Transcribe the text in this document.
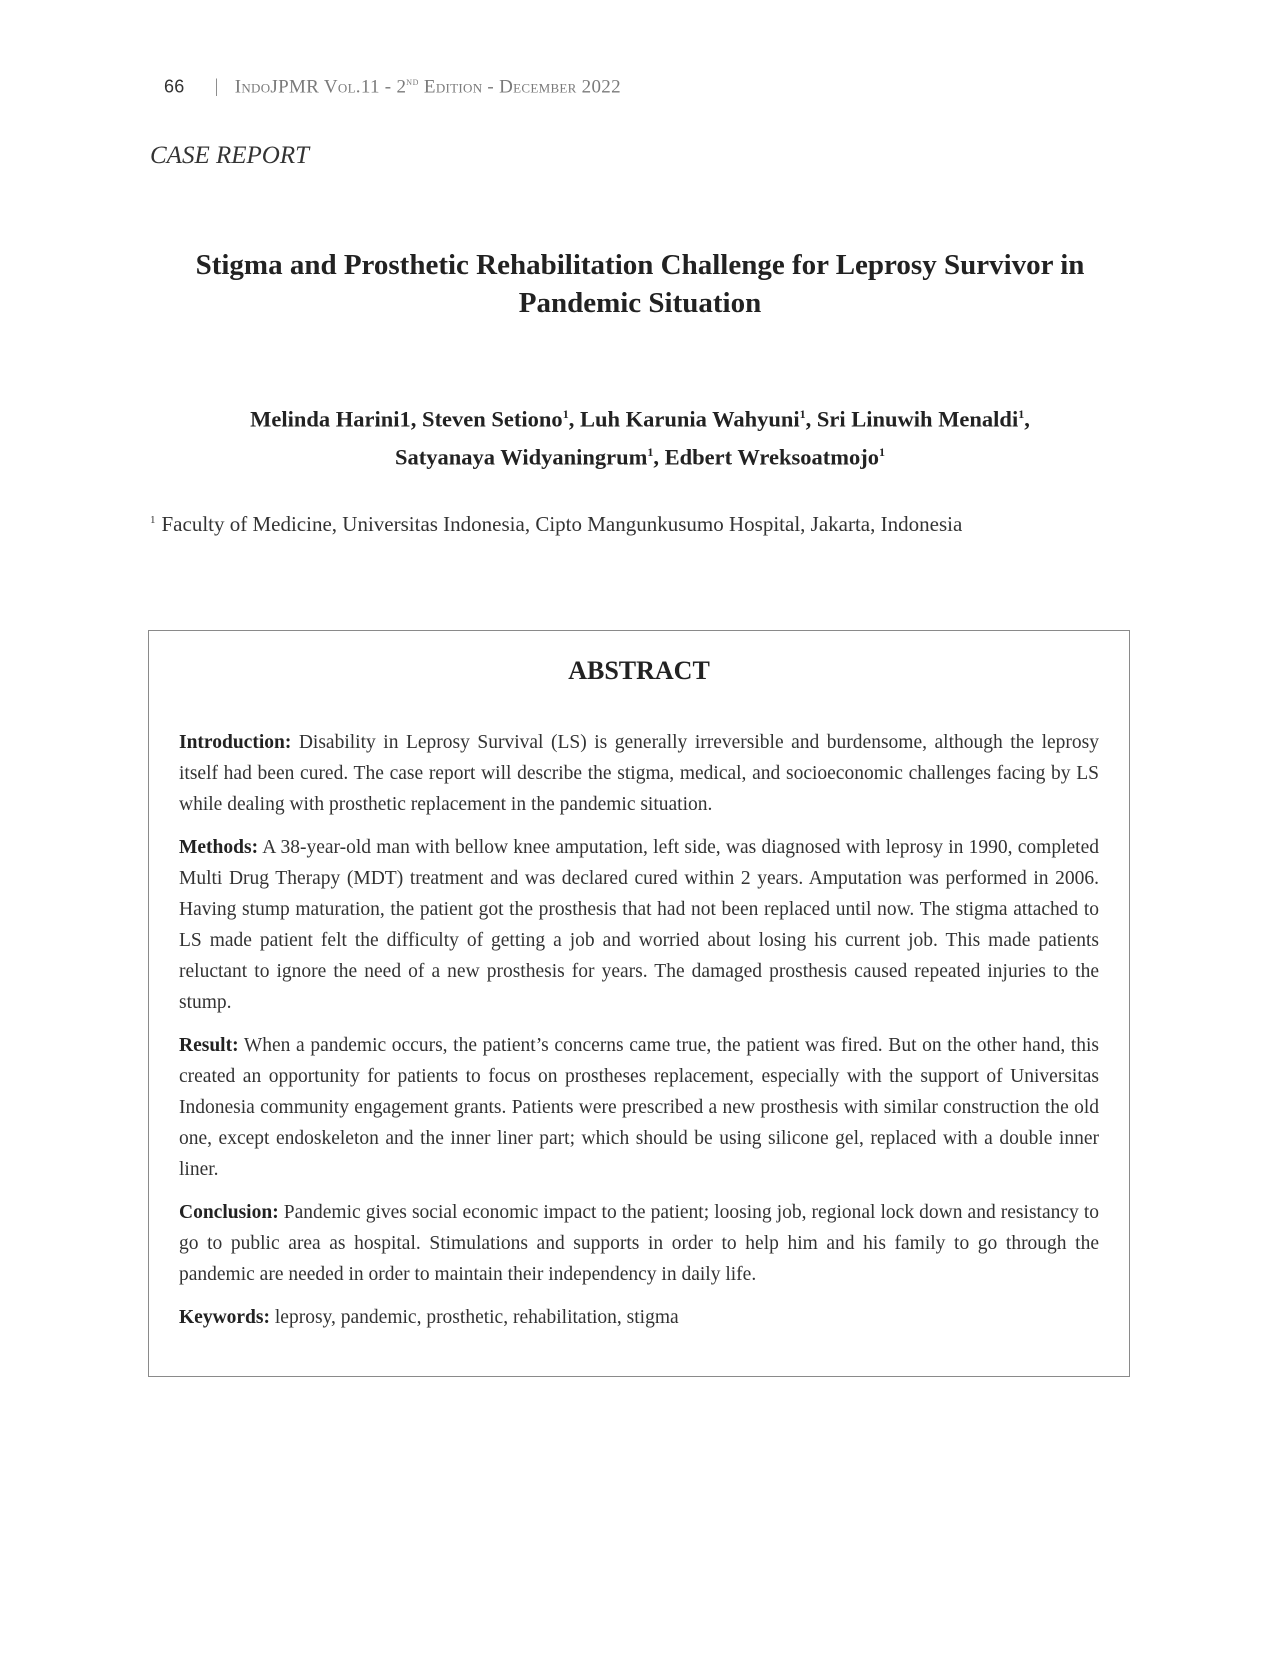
66 | IndoJPMR Vol.11 - 2nd Edition - December 2022
CASE REPORT
Stigma and Prosthetic Rehabilitation Challenge for Leprosy Survivor in
Pandemic Situation
Melinda Harini1, Steven Setiono$^1$, Luh Karunia Wahyuni$^1$, Sri Linuwih Menaldi$^1$,
Satyanaya Widyaningrum$^1$, Edbert Wreksoatmojo$^1$
$^1$ Faculty of Medicine, Universitas Indonesia, Cipto Mangunkusumo Hospital, Jakarta, Indonesia
ABSTRACT

Introduction: Disability in Leprosy Survival (LS) is generally irreversible and burdensome, although the leprosy itself had been cured. The case report will describe the stigma, medical, and socioeconomic challenges facing by LS while dealing with prosthetic replacement in the pandemic situation.

Methods: A 38-year-old man with bellow knee amputation, left side, was diagnosed with leprosy in 1990, completed Multi Drug Therapy (MDT) treatment and was declared cured within 2 years. Amputation was performed in 2006. Having stump maturation, the patient got the prosthesis that had not been replaced until now. The stigma attached to LS made patient felt the difficulty of getting a job and worried about losing his current job. This made patients reluctant to ignore the need of a new prosthesis for years. The damaged prosthesis caused repeated injuries to the stump.

Result: When a pandemic occurs, the patient’s concerns came true, the patient was fired. But on the other hand, this created an opportunity for patients to focus on prostheses replacement, especially with the support of Universitas Indonesia community engagement grants. Patients were prescribed a new prosthesis with similar construction the old one, except endoskeleton and the inner liner part; which should be using silicone gel, replaced with a double inner liner.

Conclusion: Pandemic gives social economic impact to the patient; loosing job, regional lock down and resistancy to go to public area as hospital. Stimulations and supports in order to help him and his family to go through the pandemic are needed in order to maintain their independency in daily life.

Keywords: leprosy, pandemic, prosthetic, rehabilitation, stigma
